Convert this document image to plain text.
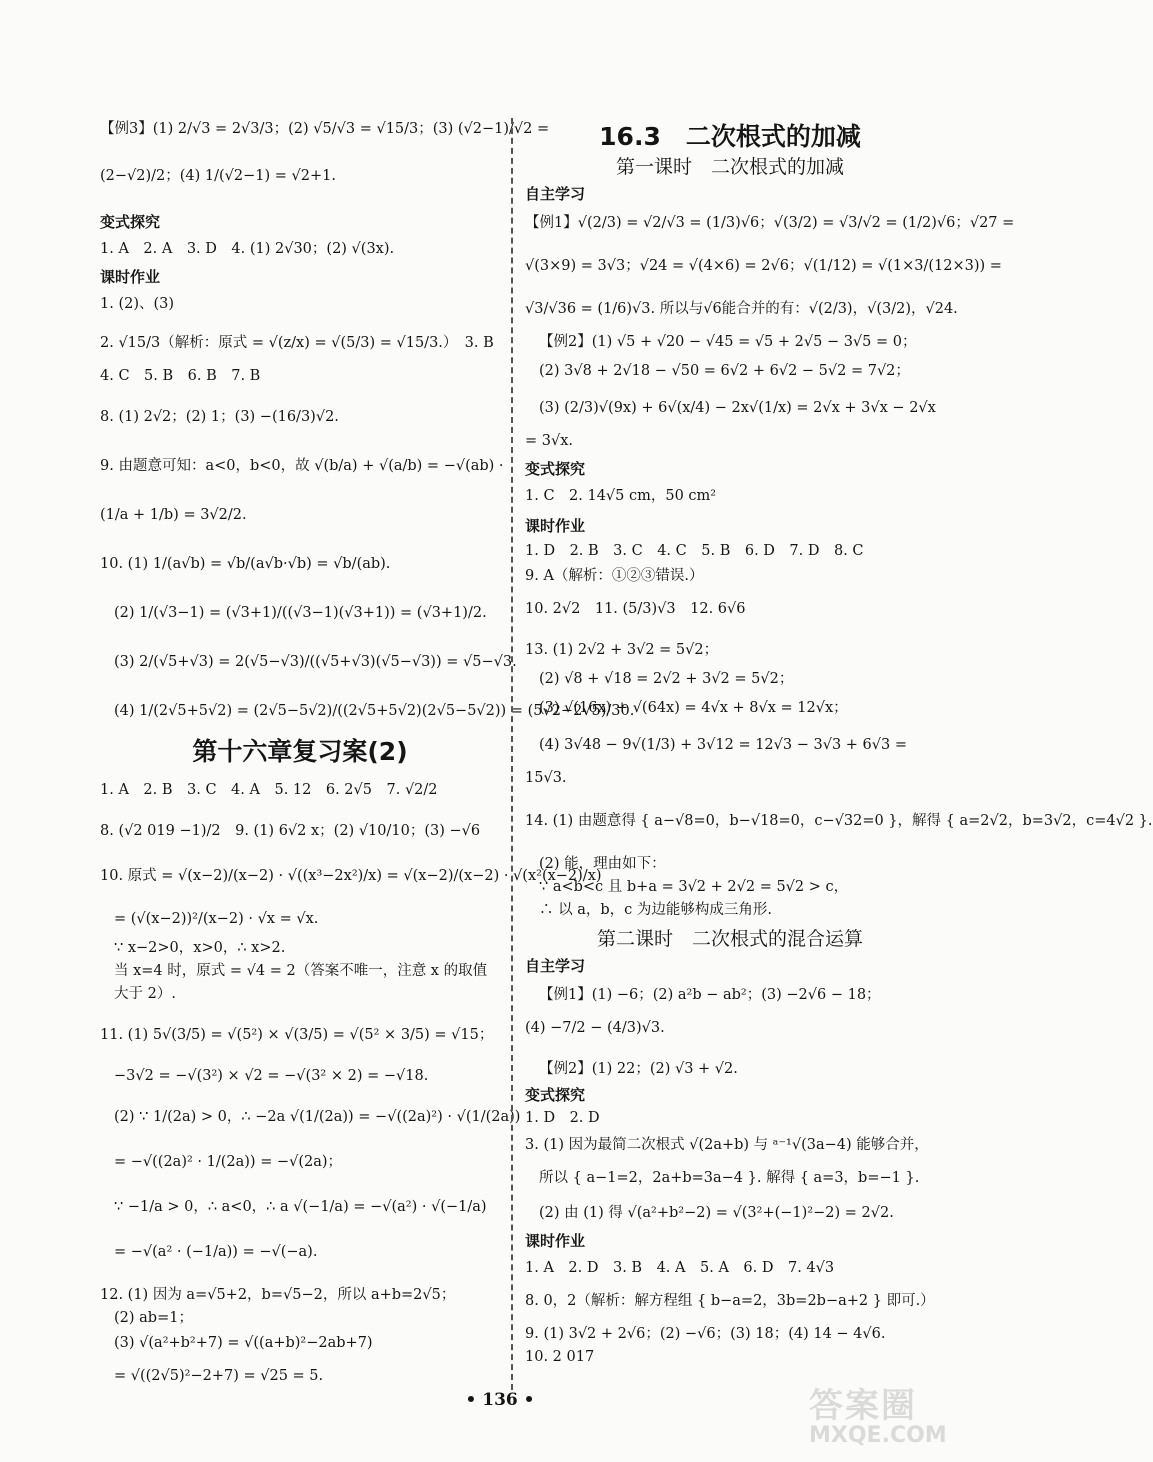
【例3】(1) 2/√3 = 2√3/3；(2) √5/√3 = √15/3；(3) (√2−1)/√2 =
(2−√2)/2；(4) 1/(√2−1) = √2+1.
变式探究
1. A　2. A　3. D　4. (1) 2√30；(2) √(3x).
课时作业
1. (2)、(3)
2. √15/3（解析：原式 = √(z/x) = √(5/3) = √15/3.）　3. B
4. C　5. B　6. B　7. B
8. (1) 2√2；(2) 1；(3) −(16/3)√2.
9. 由题意可知：a<0，b<0，故 √(b/a) + √(a/b) = −√(ab) ·
(1/a + 1/b) = 3√2/2.
10. (1) 1/(a√b) = √b/(a√b·√b) = √b/(ab).
(2) 1/(√3−1) = (√3+1)/((√3−1)(√3+1)) = (√3+1)/2.
(3) 2/(√5+√3) = 2(√5−√3)/((√5+√3)(√5−√3)) = √5−√3.
(4) 1/(2√5+5√2) = (2√5−5√2)/((2√5+5√2)(2√5−5√2)) = (5√2−2√5)/30.
第十六章复习案(2)
1. A　2. B　3. C　4. A　5. 12　6. 2√5　7. √2/2
8. (√2 019 −1)/2　9. (1) 6√2 x；(2) √10/10；(3) −√6
10. 原式 = √(x−2)/(x−2) · √((x³−2x²)/x) = √(x−2)/(x−2) · √(x²(x−2)/x)
= (√(x−2))²/(x−2) · √x = √x.
∵ x−2>0，x>0，∴ x>2.
当 x=4 时，原式 = √4 = 2（答案不唯一，注意 x 的取值
大于 2）.
11. (1) 5√(3/5) = √(5²) × √(3/5) = √(5² × 3/5) = √15；
−3√2 = −√(3²) × √2 = −√(3² × 2) = −√18.
(2) ∵ 1/(2a) > 0，∴ −2a √(1/(2a)) = −√((2a)²) · √(1/(2a))
= −√((2a)² · 1/(2a)) = −√(2a)；
∵ −1/a > 0，∴ a<0，∴ a √(−1/a) = −√(a²) · √(−1/a)
= −√(a² · (−1/a)) = −√(−a).
12. (1) 因为 a=√5+2，b=√5−2，所以 a+b=2√5；
(2) ab=1；
(3) √(a²+b²+7) = √((a+b)²−2ab+7)
= √((2√5)²−2+7) = √25 = 5.
16.3　二次根式的加减
第一课时　二次根式的加减
自主学习
【例1】√(2/3) = √2/√3 = (1/3)√6；√(3/2) = √3/√2 = (1/2)√6；√27 =
√(3×9) = 3√3；√24 = √(4×6) = 2√6；√(1/12) = √(1×3/(12×3)) =
√3/√36 = (1/6)√3. 所以与√6能合并的有：√(2/3)，√(3/2)，√24.
【例2】(1) √5 + √20 − √45 = √5 + 2√5 − 3√5 = 0；
(2) 3√8 + 2√18 − √50 = 6√2 + 6√2 − 5√2 = 7√2；
(3) (2/3)√(9x) + 6√(x/4) − 2x√(1/x) = 2√x + 3√x − 2√x
= 3√x.
变式探究
1. C　2. 14√5 cm，50 cm²
课时作业
1. D　2. B　3. C　4. C　5. B　6. D　7. D　8. C
9. A（解析：①②③错误.）
10. 2√2　11. (5/3)√3　12. 6√6
13. (1) 2√2 + 3√2 = 5√2；
(2) √8 + √18 = 2√2 + 3√2 = 5√2；
(3) √(16x) + √(64x) = 4√x + 8√x = 12√x；
(4) 3√48 − 9√(1/3) + 3√12 = 12√3 − 3√3 + 6√3 =
15√3.
14. (1) 由题意得 { a−√8=0，b−√18=0，c−√32=0 }，解得 { a=2√2，b=3√2，c=4√2 }.
(2) 能，理由如下：
∵ a<b<c 且 b+a = 3√2 + 2√2 = 5√2 > c，
∴ 以 a，b，c 为边能够构成三角形.
第二课时　二次根式的混合运算
自主学习
【例1】(1) −6；(2) a²b − ab²；(3) −2√6 − 18；
(4) −7/2 − (4/3)√3.
【例2】(1) 22；(2) √3 + √2.
变式探究
1. D　2. D
3. (1) 因为最简二次根式 √(2a+b) 与 ᵃ⁻¹√(3a−4) 能够合并，
所以 { a−1=2，2a+b=3a−4 }. 解得 { a=3，b=−1 }.
(2) 由 (1) 得 √(a²+b²−2) = √(3²+(−1)²−2) = 2√2.
课时作业
1. A　2. D　3. B　4. A　5. A　6. D　7. 4√3
8. 0，2（解析：解方程组 { b−a=2，3b=2b−a+2 } 即可.）
9. (1) 3√2 + 2√6；(2) −√6；(3) 18；(4) 14 − 4√6.
10. 2 017
• 136 •	答案圈
MXQE.COM
